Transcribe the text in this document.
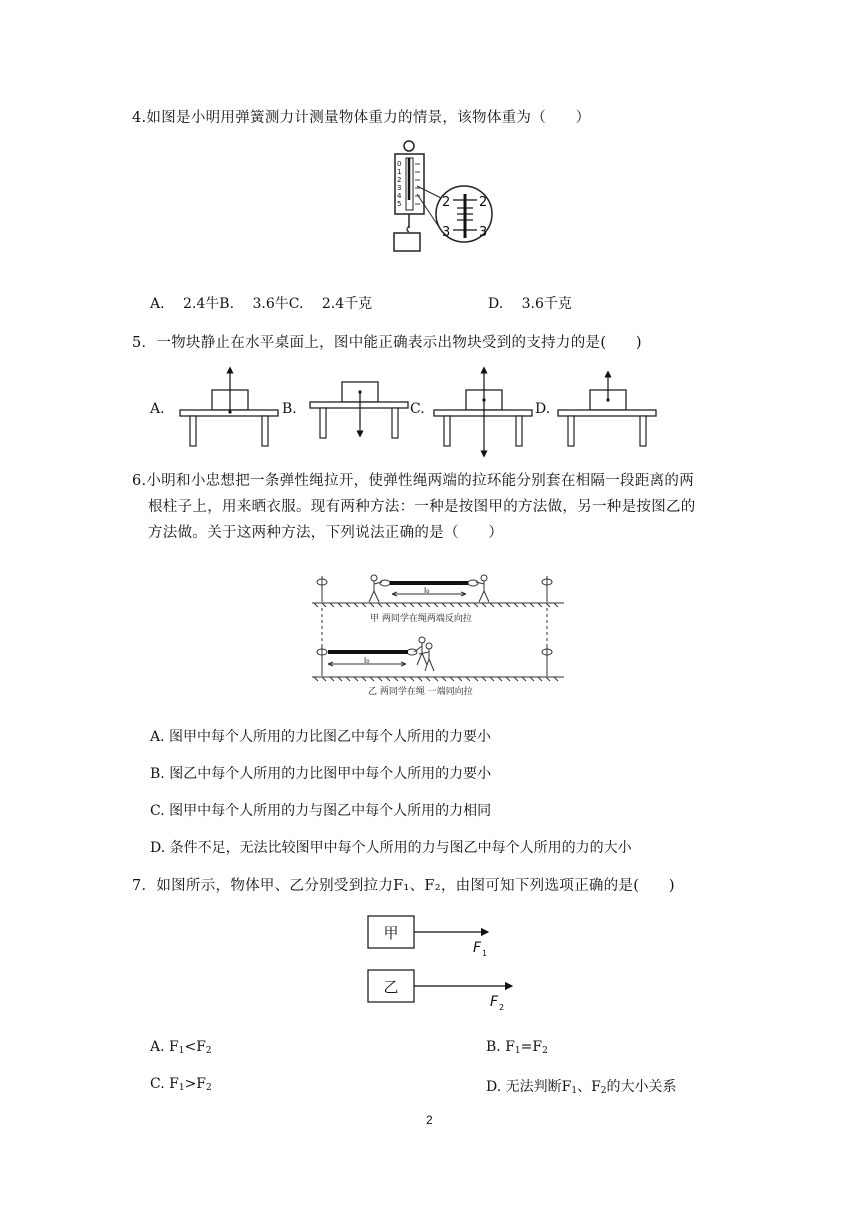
4.如图是小明用弹簧测力计测量物体重力的情景，该物体重为（　　）
0
1
2
3
4
5	2
3
2
3
A.　 2.4牛B.　 3.6牛C.　 2.4千克	D.　 3.6千克
5．一物块静止在水平桌面上，图中能正确表示出物块受到的支持力的是(　　)
A.	B.	C.	D.
6.小明和小忠想把一条弹性绳拉开，使弹性绳两端的拉环能分别套在相隔一段距离的两
根柱子上，用来晒衣服。现有两种方法：一种是按图甲的方法做，另一种是按图乙的
方法做。关于这两种方法，下列说法正确的是（　　）
l₀
甲 两同学在绳两端反向拉
l₀
乙 两同学在绳 一端同向拉
A. 图甲中每个人所用的力比图乙中每个人所用的力要小
B. 图乙中每个人所用的力比图甲中每个人所用的力要小
C. 图甲中每个人所用的力与图乙中每个人所用的力相同
D. 条件不足，无法比较图甲中每个人所用的力与图乙中每个人所用的力的大小
7．如图所示，物体甲、乙分别受到拉力F₁、F₂，由图可知下列选项正确的是(　　)
甲
F 1
乙
F 2
A. $F_1<F_2$	B. $F_1=F_2$
C. $F_1>F_2$	D. 无法判断$F_1$、$F_2$的大小关系
2
